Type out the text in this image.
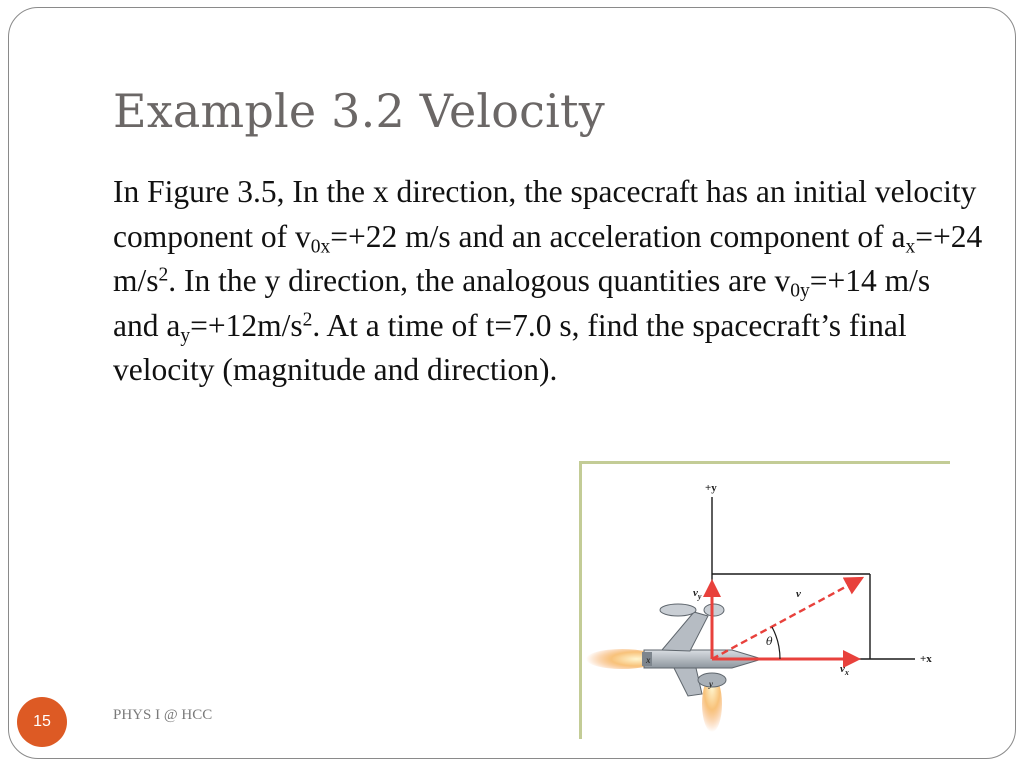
Example 3.2 Velocity
In Figure 3.5, In the x direction, the spacecraft has an initial velocity component of $v_{0x}=+22$ m/s and an acceleration component of $a_x=+24$ $m/s^2$. In the y direction, the analogous quantities are $v_{0y}=+14$ m/s and $a_y=+12m/s^2$. At a time of t=7.0 s, find the spacecraft’s final velocity (magnitude and direction).
+y
+x
x
y
θ
v
$v_y$
$v_x$
15	PHYS I @ HCC
